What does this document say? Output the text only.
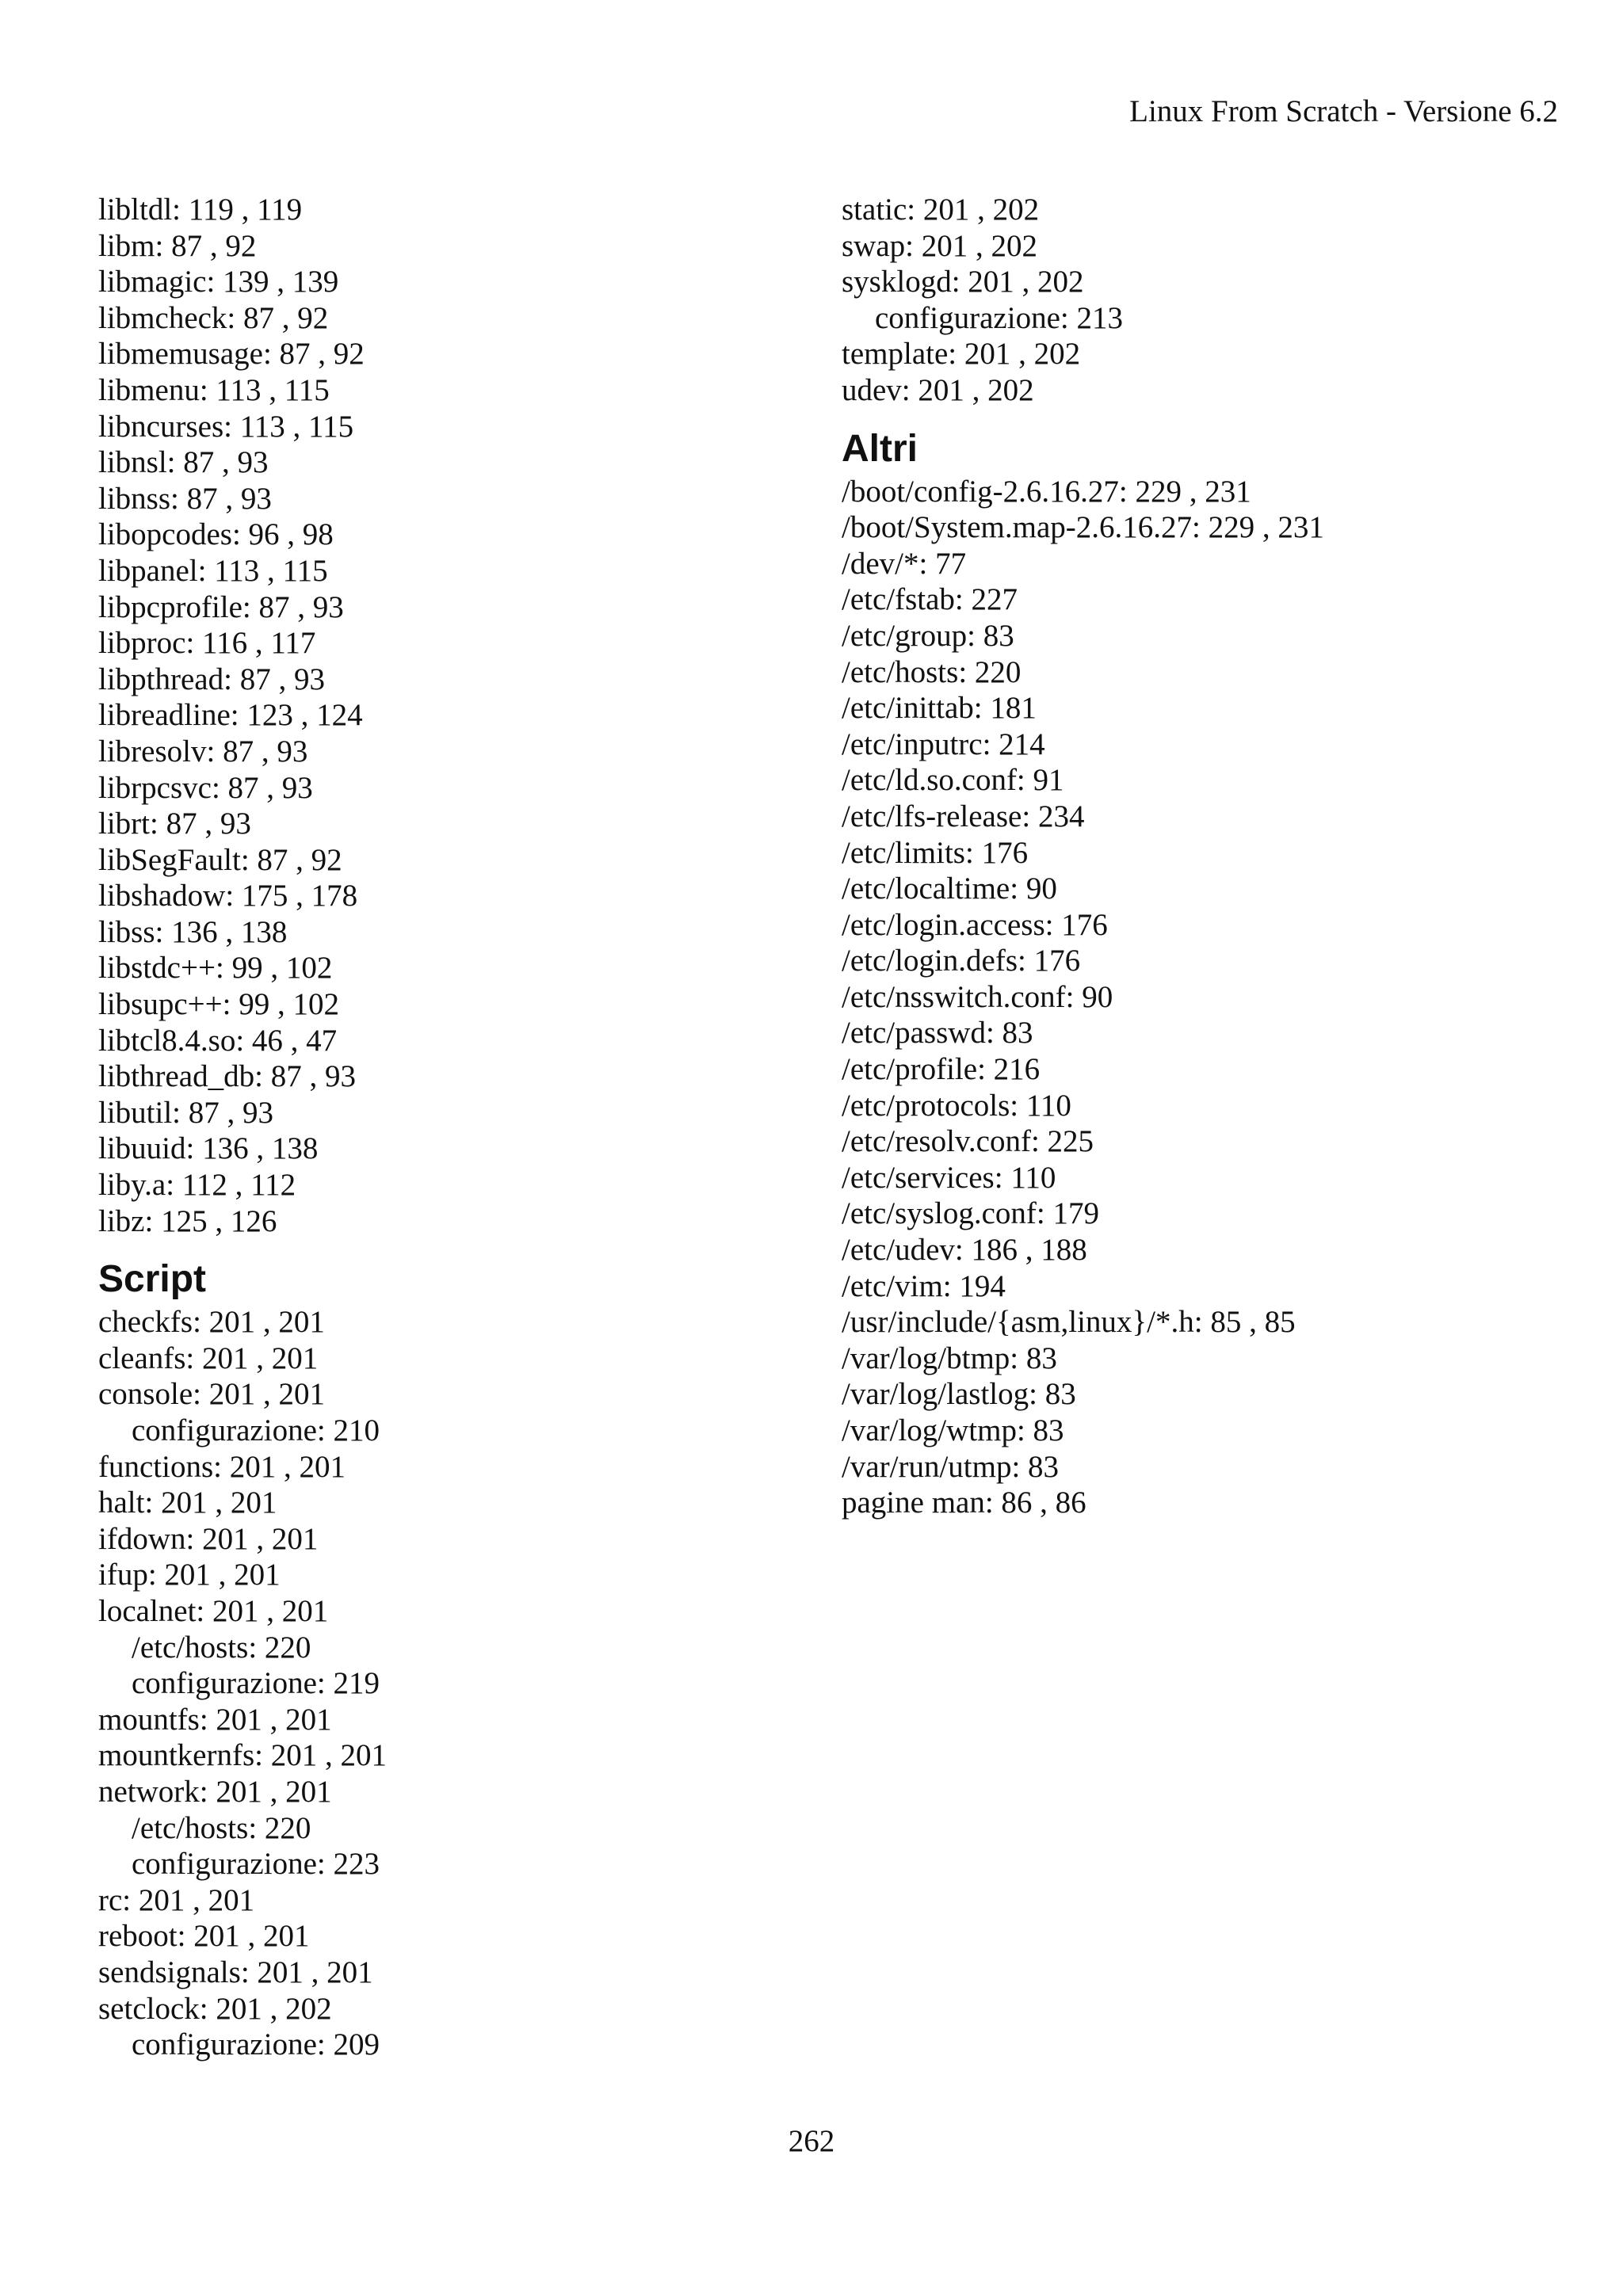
Linux From Scratch - Versione 6.2
libltdl: 119 , 119
libm: 87 , 92
libmagic: 139 , 139
libmcheck: 87 , 92
libmemusage: 87 , 92
libmenu: 113 , 115
libncurses: 113 , 115
libnsl: 87 , 93
libnss: 87 , 93
libopcodes: 96 , 98
libpanel: 113 , 115
libpcprofile: 87 , 93
libproc: 116 , 117
libpthread: 87 , 93
libreadline: 123 , 124
libresolv: 87 , 93
librpcsvc: 87 , 93
librt: 87 , 93
libSegFault: 87 , 92
libshadow: 175 , 178
libss: 136 , 138
libstdc++: 99 , 102
libsupc++: 99 , 102
libtcl8.4.so: 46 , 47
libthread_db: 87 , 93
libutil: 87 , 93
libuuid: 136 , 138
liby.a: 112 , 112
libz: 125 , 126
Script
checkfs: 201 , 201
cleanfs: 201 , 201
console: 201 , 201
configurazione: 210
functions: 201 , 201
halt: 201 , 201
ifdown: 201 , 201
ifup: 201 , 201
localnet: 201 , 201
/etc/hosts: 220
configurazione: 219
mountfs: 201 , 201
mountkernfs: 201 , 201
network: 201 , 201
/etc/hosts: 220
configurazione: 223
rc: 201 , 201
reboot: 201 , 201
sendsignals: 201 , 201
setclock: 201 , 202
configurazione: 209
static: 201 , 202
swap: 201 , 202
sysklogd: 201 , 202
configurazione: 213
template: 201 , 202
udev: 201 , 202
Altri
/boot/config-2.6.16.27: 229 , 231
/boot/System.map-2.6.16.27: 229 , 231
/dev/*: 77
/etc/fstab: 227
/etc/group: 83
/etc/hosts: 220
/etc/inittab: 181
/etc/inputrc: 214
/etc/ld.so.conf: 91
/etc/lfs-release: 234
/etc/limits: 176
/etc/localtime: 90
/etc/login.access: 176
/etc/login.defs: 176
/etc/nsswitch.conf: 90
/etc/passwd: 83
/etc/profile: 216
/etc/protocols: 110
/etc/resolv.conf: 225
/etc/services: 110
/etc/syslog.conf: 179
/etc/udev: 186 , 188
/etc/vim: 194
/usr/include/{asm,linux}/*.h: 85 , 85
/var/log/btmp: 83
/var/log/lastlog: 83
/var/log/wtmp: 83
/var/run/utmp: 83
pagine man: 86 , 86
262
